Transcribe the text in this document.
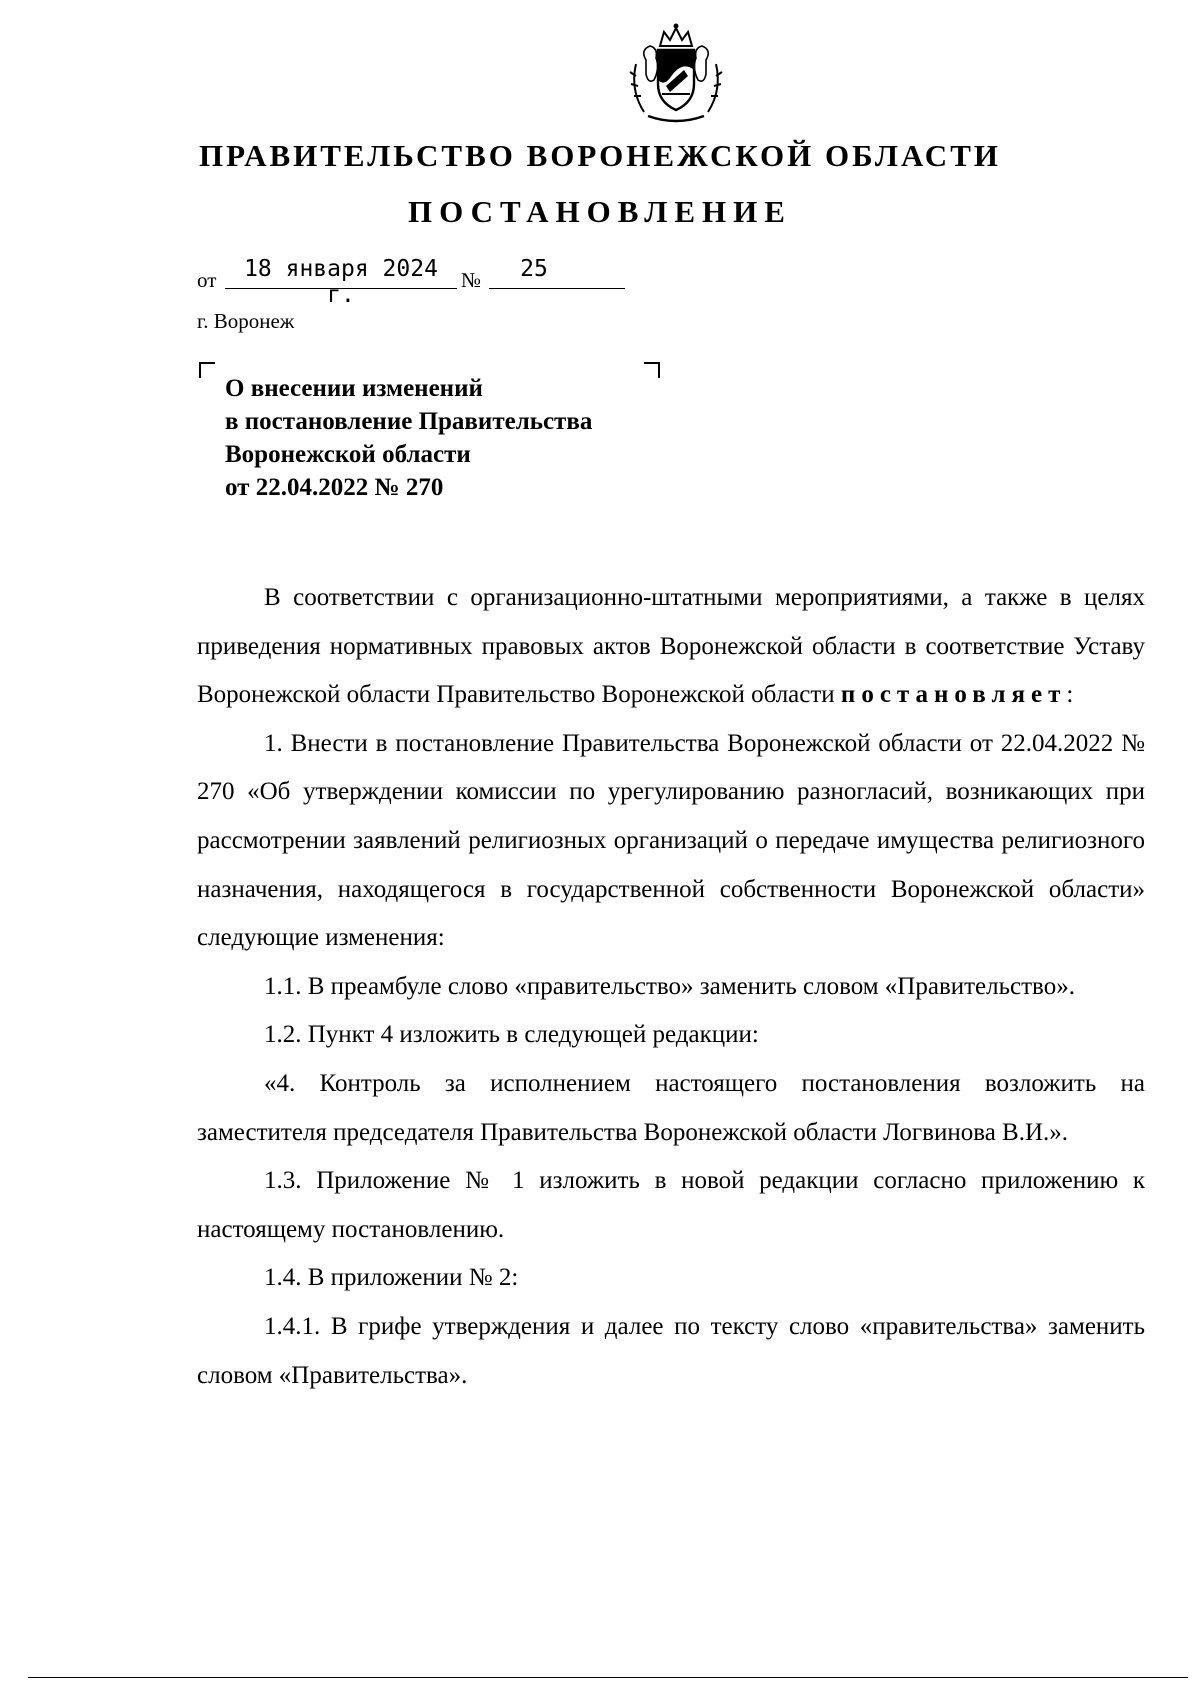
ПРАВИТЕЛЬСТВО ВОРОНЕЖСКОЙ ОБЛАСТИ
ПОСТАНОВЛЕНИЕ
от	18 января 2024 г.
№	25
г. Воронеж
О внесении изменений
в постановление Правительства
Воронежской области
от 22.04.2022 № 270
В соответствии с организационно-штатными мероприятиями, а также в целях приведения нормативных правовых актов Воронежской области в соответствие Уставу Воронежской области Правительство Воронежской области постановляет:
1. Внести в постановление Правительства Воронежской области от 22.04.2022 № 270 «Об утверждении комиссии по урегулированию разногласий, возникающих при рассмотрении заявлений религиозных организаций о передаче имущества религиозного назначения, находящегося в государственной собственности Воронежской области» следующие изменения:
1.1. В преамбуле слово «правительство» заменить словом «Правительство».
1.2. Пункт 4 изложить в следующей редакции:
«4. Контроль за исполнением настоящего постановления возложить на заместителя председателя Правительства Воронежской области Логвинова В.И.».
1.3. Приложение № 1 изложить в новой редакции согласно приложению к настоящему постановлению.
1.4. В приложении № 2:
1.4.1. В грифе утверждения и далее по тексту слово «правительства» заменить словом «Правительства».
